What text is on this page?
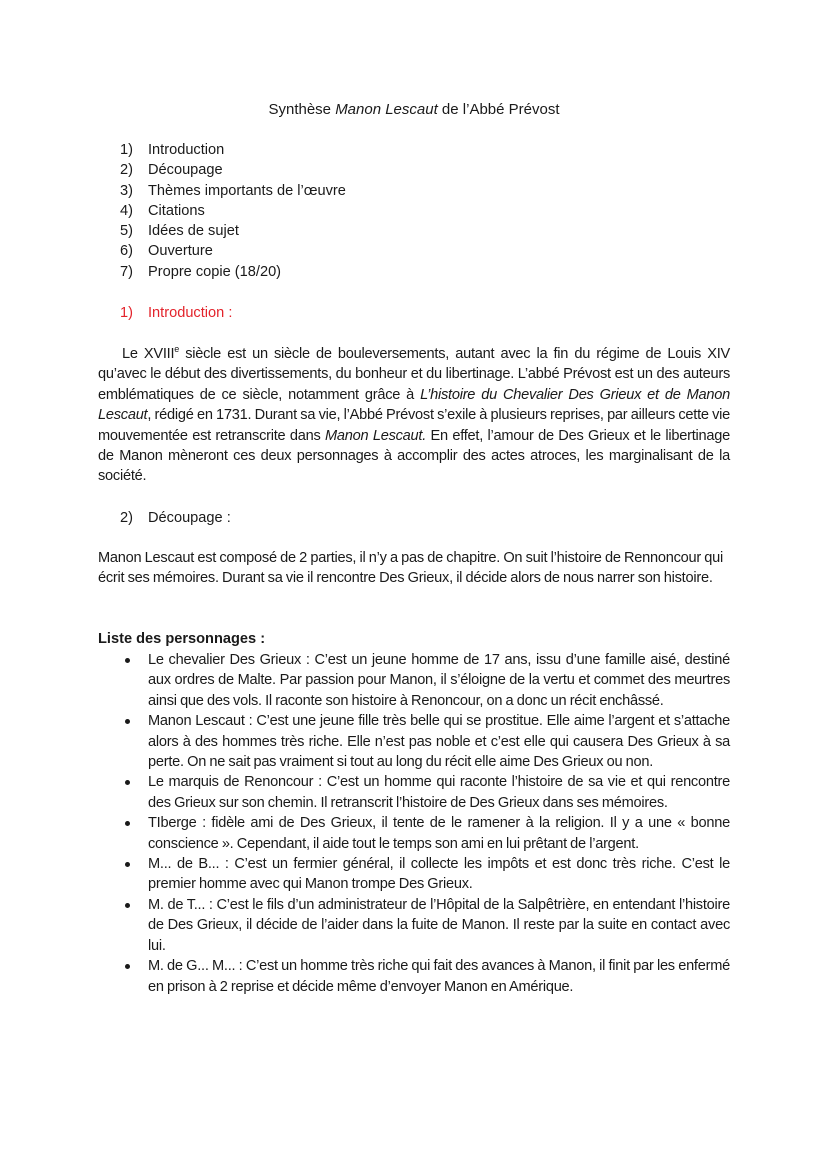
Synthèse Manon Lescaut de l’Abbé Prévost
1) Introduction
2) Découpage
3) Thèmes importants de l’œuvre
4) Citations
5) Idées de sujet
6) Ouverture
7) Propre copie (18/20)
1) Introduction :

Le XVIIIe siècle est un siècle de bouleversements, autant avec la fin du régime de Louis XIV qu’avec le début des divertissements, du bonheur et du libertinage. L’abbé Prévost est un des auteurs emblématiques de ce siècle, notamment grâce à L’histoire du Chevalier Des Grieux et de Manon Lescaut, rédigé en 1731. Durant sa vie, l’Abbé Prévost s’exile à plusieurs reprises, par ailleurs cette vie mouvementée est retranscrite dans Manon Lescaut. En effet, l’amour de Des Grieux et le libertinage de Manon mèneront ces deux personnages à accomplir des actes atroces, les marginalisant de la société.

2) Découpage :

Manon Lescaut est composé de 2 parties, il n’y a pas de chapitre. On suit l’histoire de Rennoncour qui écrit ses mémoires. Durant sa vie il rencontre Des Grieux, il décide alors de nous narrer son histoire.

Liste des personnages :
Le chevalier Des Grieux : C’est un jeune homme de 17 ans, issu d’une famille aisé, destiné aux ordres de Malte. Par passion pour Manon, il s’éloigne de la vertu et commet des meurtres ainsi que des vols. Il raconte son histoire à Renoncour, on a donc un récit enchâssé.
Manon Lescaut : C’est une jeune fille très belle qui se prostitue. Elle aime l’argent et s’attache alors à des hommes très riche. Elle n’est pas noble et c’est elle qui causera Des Grieux à sa perte. On ne sait pas vraiment si tout au long du récit elle aime Des Grieux ou non.
Le marquis de Renoncour : C’est un homme qui raconte l’histoire de sa vie et qui rencontre des Grieux sur son chemin. Il retranscrit l’histoire de Des Grieux dans ses mémoires.
TIberge : fidèle ami de Des Grieux, il tente de le ramener à la religion. Il y a une « bonne conscience ». Cependant, il aide tout le temps son ami en lui prêtant de l’argent.
M... de B... : C’est un fermier général, il collecte les impôts et est donc très riche. C’est le premier homme avec qui Manon trompe Des Grieux.
M. de T... : C’est le fils d’un administrateur de l’Hôpital de la Salpêtrière, en entendant l’histoire de Des Grieux, il décide de l’aider dans la fuite de Manon. Il reste par la suite en contact avec lui.
M. de G... M... : C’est un homme très riche qui fait des avances à Manon, il finit par les enfermé en prison à 2 reprise et décide même d’envoyer Manon en Amérique.
